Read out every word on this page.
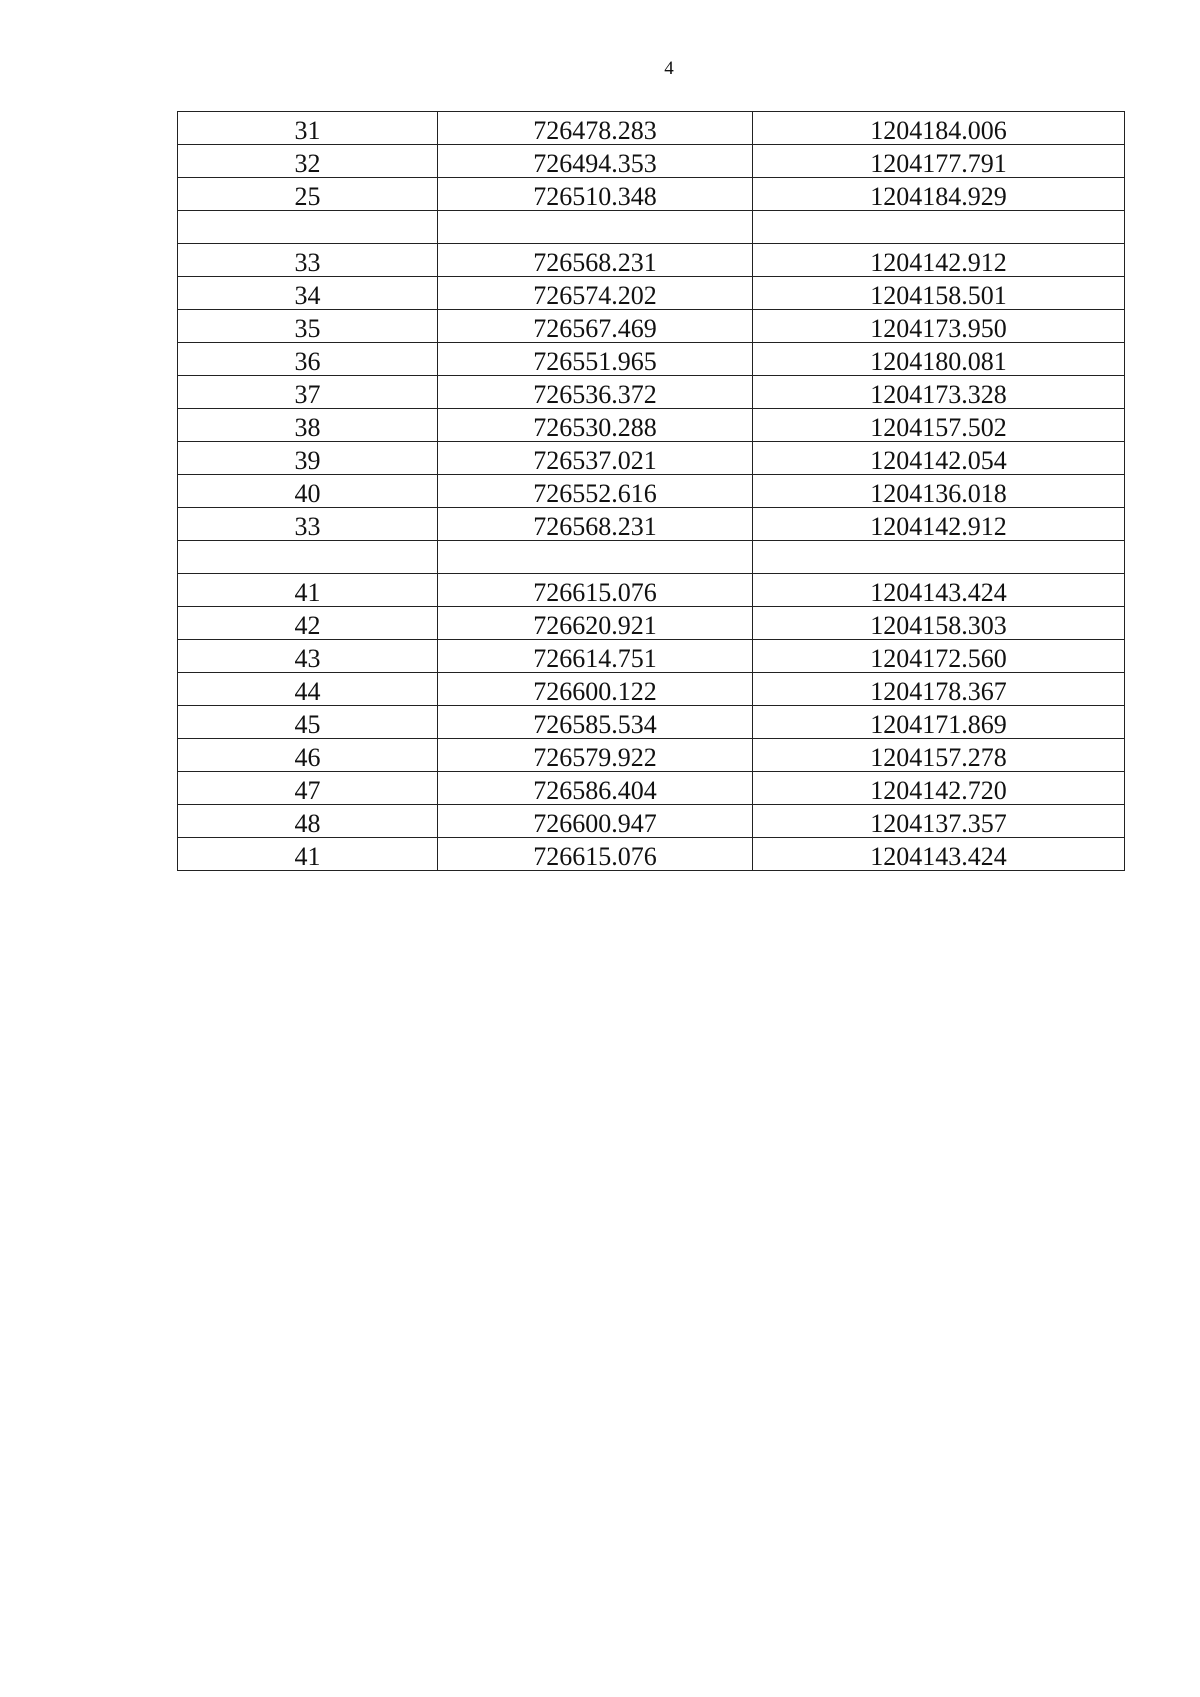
4
31	726478.283	1204184.006
32	726494.353	1204177.791
25	726510.348	1204184.929

33	726568.231	1204142.912
34	726574.202	1204158.501
35	726567.469	1204173.950
36	726551.965	1204180.081
37	726536.372	1204173.328
38	726530.288	1204157.502
39	726537.021	1204142.054
40	726552.616	1204136.018
33	726568.231	1204142.912

41	726615.076	1204143.424
42	726620.921	1204158.303
43	726614.751	1204172.560
44	726600.122	1204178.367
45	726585.534	1204171.869
46	726579.922	1204157.278
47	726586.404	1204142.720
48	726600.947	1204137.357
41	726615.076	1204143.424
